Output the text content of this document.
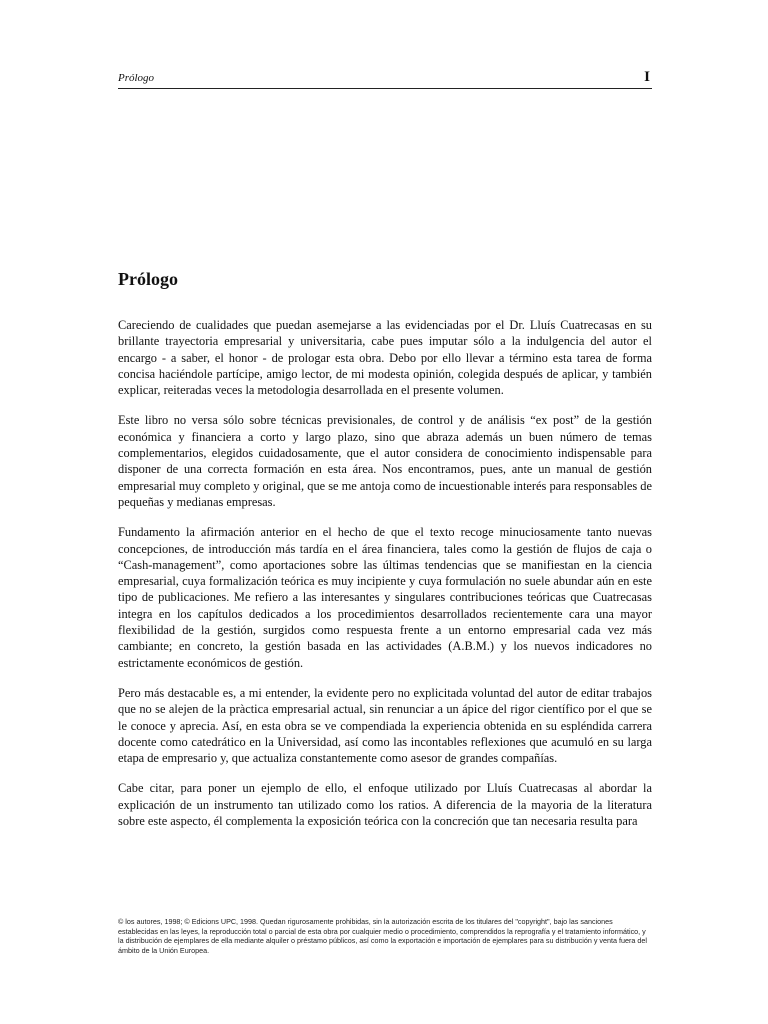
Prólogo	I
Prólogo

Careciendo de cualidades que puedan asemejarse a las evidenciadas por el Dr. Lluís Cuatrecasas en su brillante trayectoria empresarial y universitaria, cabe pues imputar sólo a la indulgencia del autor el encargo - a saber, el honor - de prologar esta obra. Debo por ello llevar a término esta tarea de forma concisa haciéndole partícipe, amigo lector, de mi modesta opinión, colegida después de aplicar, y también explicar, reiteradas veces la metodologia desarrollada en el presente volumen.

Este libro no versa sólo sobre técnicas previsionales, de control y de análisis “ex post” de la gestión económica y financiera a corto y largo plazo, sino que abraza además un buen número de temas complementarios, elegidos cuidadosamente, que el autor considera de conocimiento indispensable para disponer de una correcta formación en esta área. Nos encontramos, pues, ante un manual de gestión empresarial muy completo y original, que se me antoja como de incuestionable interés para responsables de pequeñas y medianas empresas.

Fundamento la afirmación anterior en el hecho de que el texto recoge minuciosamente tanto nuevas concepciones, de introducción más tardía en el área financiera, tales como la gestión de flujos de caja o “Cash-management”, como aportaciones sobre las últimas tendencias que se manifiestan en la ciencia empresarial, cuya formalización teórica es muy incipiente y cuya formulación no suele abundar aún en este tipo de publicaciones. Me refiero a las interesantes y singulares contribuciones teóricas que Cuatrecasas integra en los capítulos dedicados a los procedimientos desarrollados recientemente cara una mayor flexibilidad de la gestión, surgidos como respuesta frente a un entorno empresarial cada vez más cambiante; en concreto, la gestión basada en las actividades (A.B.M.) y los nuevos indicadores no estrictamente económicos de gestión.

Pero más destacable es, a mi entender, la evidente pero no explicitada voluntad del autor de editar trabajos que no se alejen de la pràctica empresarial actual, sin renunciar a un ápice del rigor científico por el que se le conoce y aprecia. Así, en esta obra se ve compendiada la experiencia obtenida en su espléndida carrera docente como catedrático en la Universidad, así como las incontables reflexiones que acumuló en su larga etapa de empresario y, que actualiza constantemente como asesor de grandes compañías.

Cabe citar, para poner un ejemplo de ello, el enfoque utilizado por Lluís Cuatrecasas al abordar la explicación de un instrumento tan utilizado como los ratios. A diferencia de la mayoria de la literatura sobre este aspecto, él complementa la exposición teórica con la concreción que tan necesaria resulta para

© los autores, 1998; © Edicions UPC, 1998. Quedan rigurosamente prohibidas, sin la autorización escrita de los titulares del "copyright", bajo las sanciones establecidas en las leyes, la reproducción total o parcial de esta obra por cualquier medio o procedimiento, comprendidos la reprografía y el tratamiento informático, y la distribución de ejemplares de ella mediante alquiler o préstamo públicos, así como la exportación e importación de ejemplares para su distribución y venta fuera del ámbito de la Unión Europea.
